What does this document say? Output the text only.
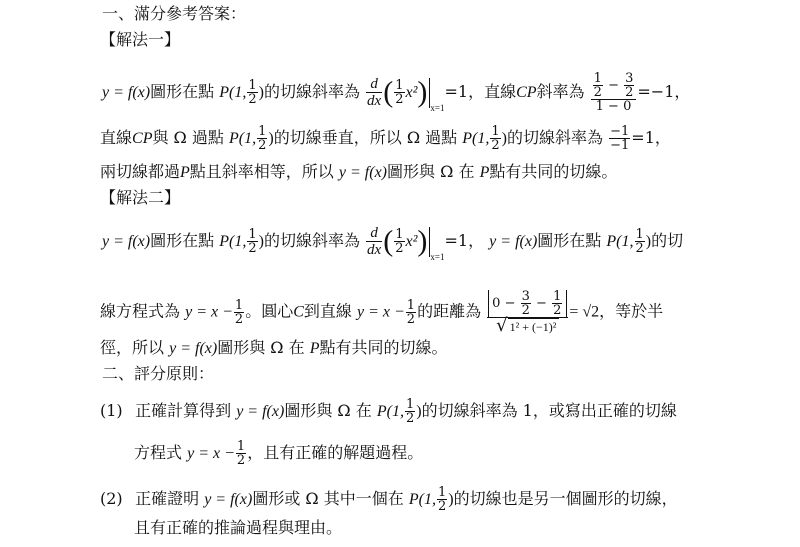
一、滿分參考答案：
【解法一】
y = f(x)圖形在點 P(1, $\frac{1}{2}$ )的切線斜率為 $\frac{d}{dx}$ ( $\frac{1}{2} x^2$) $_{x=1}$=1，直線CP斜率為 $\frac{\frac{1}{2} - \frac{3}{2}}{1 - 0} =-1$，
直線CP與 Ω 過點 P(1, $\frac{1}{2}$ )的切線垂直，所以 Ω 過點 P(1, $\frac{1}{2}$ )的切線斜率為 $\frac{-1}{-1} =1$，
兩切線都過P點且斜率相等，所以 y = f(x)圖形與 Ω 在 P點有共同的切線。
【解法二】
y = f(x)圖形在點 P(1, $\frac{1}{2}$ )的切線斜率為 $\frac{d}{dx}$ ( $\frac{1}{2} x^2$) $_{x=1}$=1， y = f(x)圖形在點 P(1, $\frac{1}{2}$ )的切
線方程式為 $y = x - \frac{1}{2}$ 。圓心C到直線 $y = x - \frac{1}{2}$ 的距離為 $\frac{0 - \frac{3}{2} - \frac{1}{2}}{\text{√ 1² + (−1)²}} = √2$，等於半
徑，所以 y = f(x)圖形與 Ω 在 P點有共同的切線。
二、評分原則：
(1) 正確計算得到 y = f(x)圖形與 Ω 在 P(1, $\frac{1}{2}$ )的切線斜率為 1，或寫出正確的切線
方程式 $y = x - \frac{1}{2}$ ，且有正確的解題過程。
(2) 正確證明 y = f(x)圖形或 Ω 其中一個在 P(1, $\frac{1}{2}$ )的切線也是另一個圖形的切線，
且有正確的推論過程與理由。
